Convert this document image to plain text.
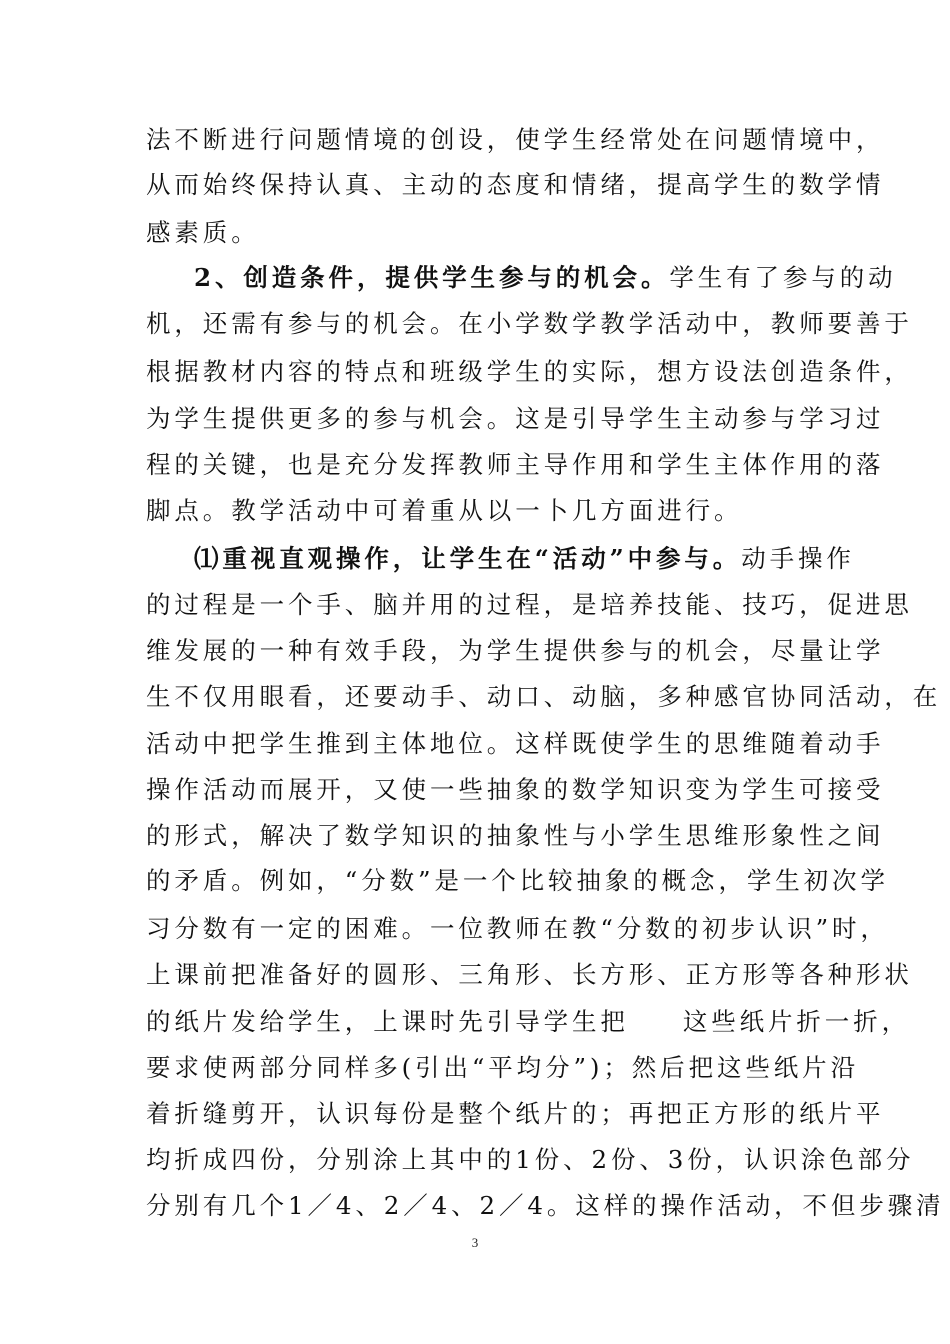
法不断进行问题情境的创设，使学生经常处在问题情境中，
从而始终保持认真、主动的态度和情绪，提高学生的数学情
感素质。
2、创造条件，提供学生参与的机会。学生有了参与的动
机，还需有参与的机会。在小学数学教学活动中，教师要善于
根据教材内容的特点和班级学生的实际，想方设法创造条件，
为学生提供更多的参与机会。这是引导学生主动参与学习过
程的关键，也是充分发挥教师主导作用和学生主体作用的落
脚点。教学活动中可着重从以一卜几方面进行。
⑴重视直观操作，让学生在“活动”中参与。动手操作
的过程是一个手、脑并用的过程，是培养技能、技巧，促进思
维发展的一种有效手段，为学生提供参与的机会，尽量让学
生不仅用眼看，还要动手、动口、动脑，多种感官协同活动，在
活动中把学生推到主体地位。这样既使学生的思维随着动手
操作活动而展开，又使一些抽象的数学知识变为学生可接受
的形式，解决了数学知识的抽象性与小学生思维形象性之间
的矛盾。例如，“分数”是一个比较抽象的概念，学生初次学
习分数有一定的困难。一位教师在教“分数的初步认识”时，
上课前把准备好的圆形、三角形、长方形、正方形等各种形状
的纸片发给学生，上课时先引导学生把 这些纸片折一折，
要求使两部分同样多(引出“平均分”)；然后把这些纸片沿
着折缝剪开，认识每份是整个纸片的；再把正方形的纸片平
均折成四份，分别涂上其中的1份、2份、3份，认识涂色部分
分别有几个1／4、2／4、2／4。这样的操作活动，不但步骤清
3
